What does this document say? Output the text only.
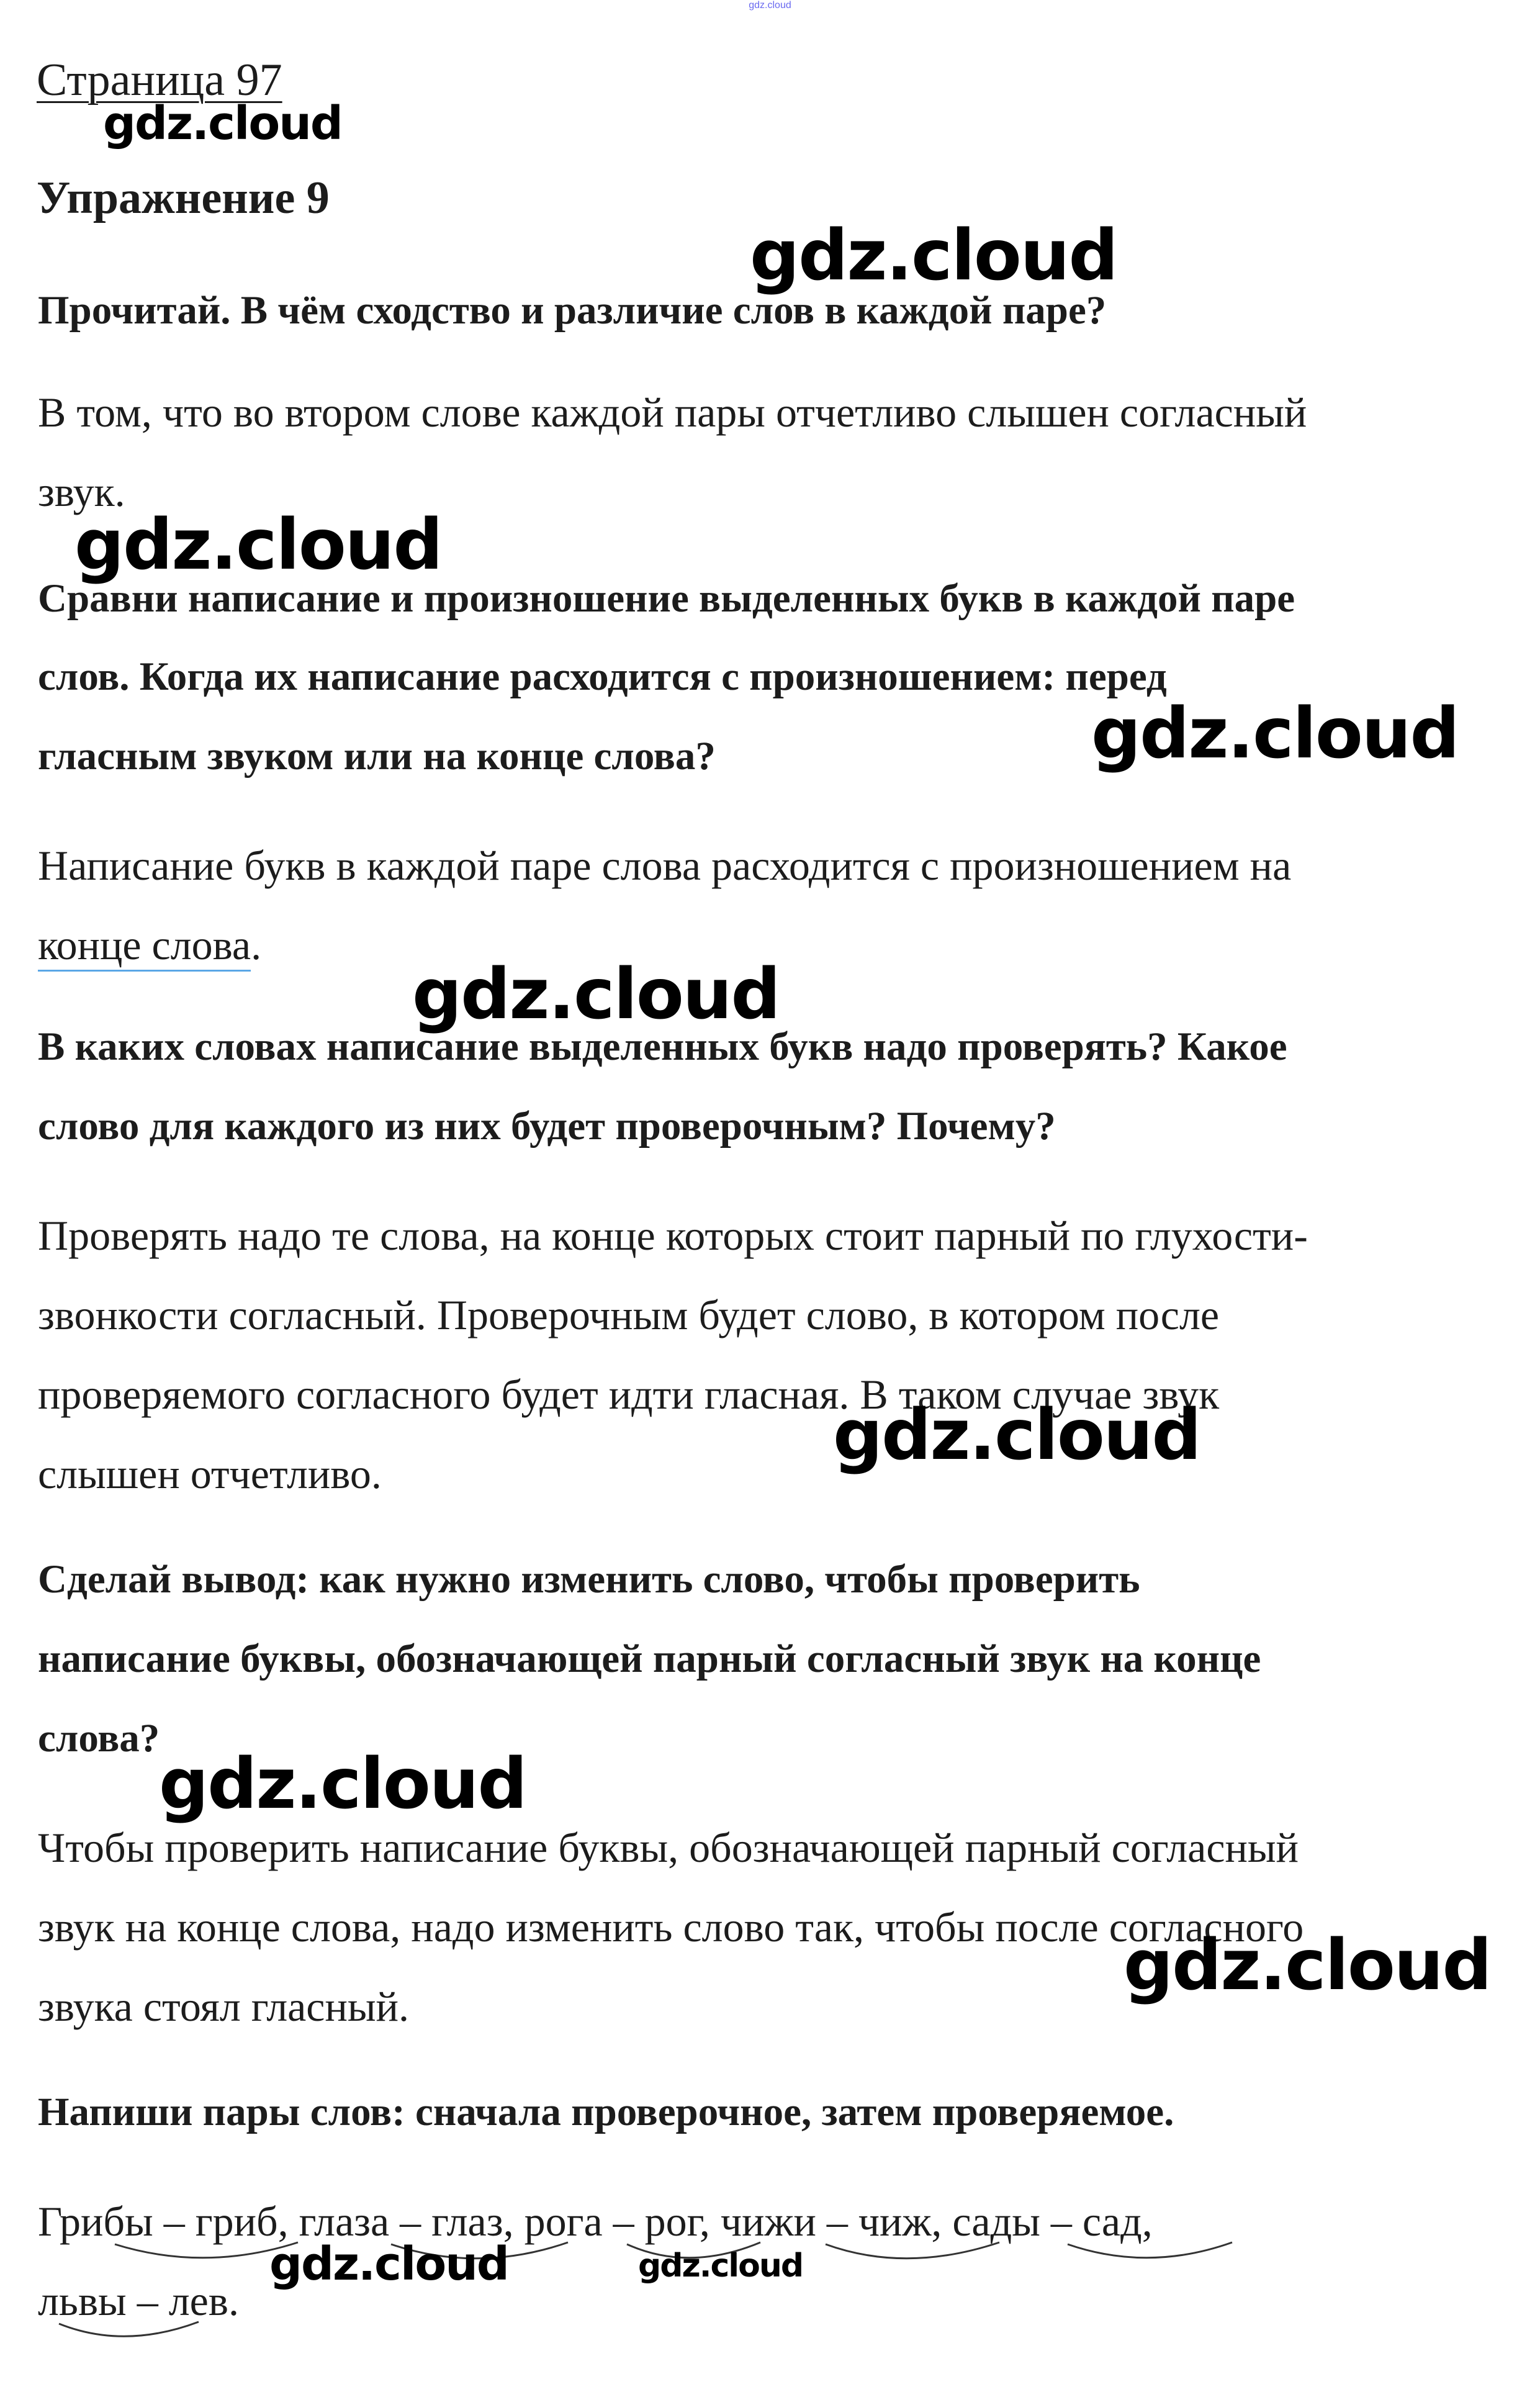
gdz.cloud
Страница 97
Упражнение 9
Прочитай. В чём сходство и различие слов в каждой паре?
В том, что во втором слове каждой пары отчетливо слышен согласный
звук.
Сравни написание и произношение выделенных букв в каждой паре
слов. Когда их написание расходится с произношением: перед
гласным звуком или на конце слова?
Написание букв в каждой паре слова расходится с произношением на
конце слова.
В каких словах написание выделенных букв надо проверять? Какое
слово для каждого из них будет проверочным? Почему?
Проверять надо те слова, на конце которых стоит парный по глухости-
звонкости согласный. Проверочным будет слово, в котором после
проверяемого согласного будет идти гласная. В таком случае звук
слышен отчетливо.
Сделай вывод: как нужно изменить слово, чтобы проверить
написание буквы, обозначающей парный согласный звук на конце
слова?
Чтобы проверить написание буквы, обозначающей парный согласный
звук на конце слова, надо изменить слово так, чтобы после согласного
звука стоял гласный.
Напиши пары слов: сначала проверочное, затем проверяемое.
Грибы – гриб, глаза – глаз, рога – рог, чижи – чиж, сады – сад,
львы – лев.
gdz.cloud
gdz.cloud
gdz.cloud
gdz.cloud
gdz.cloud
gdz.cloud
gdz.cloud
gdz.cloud
gdz.cloud	gdz.cloud
